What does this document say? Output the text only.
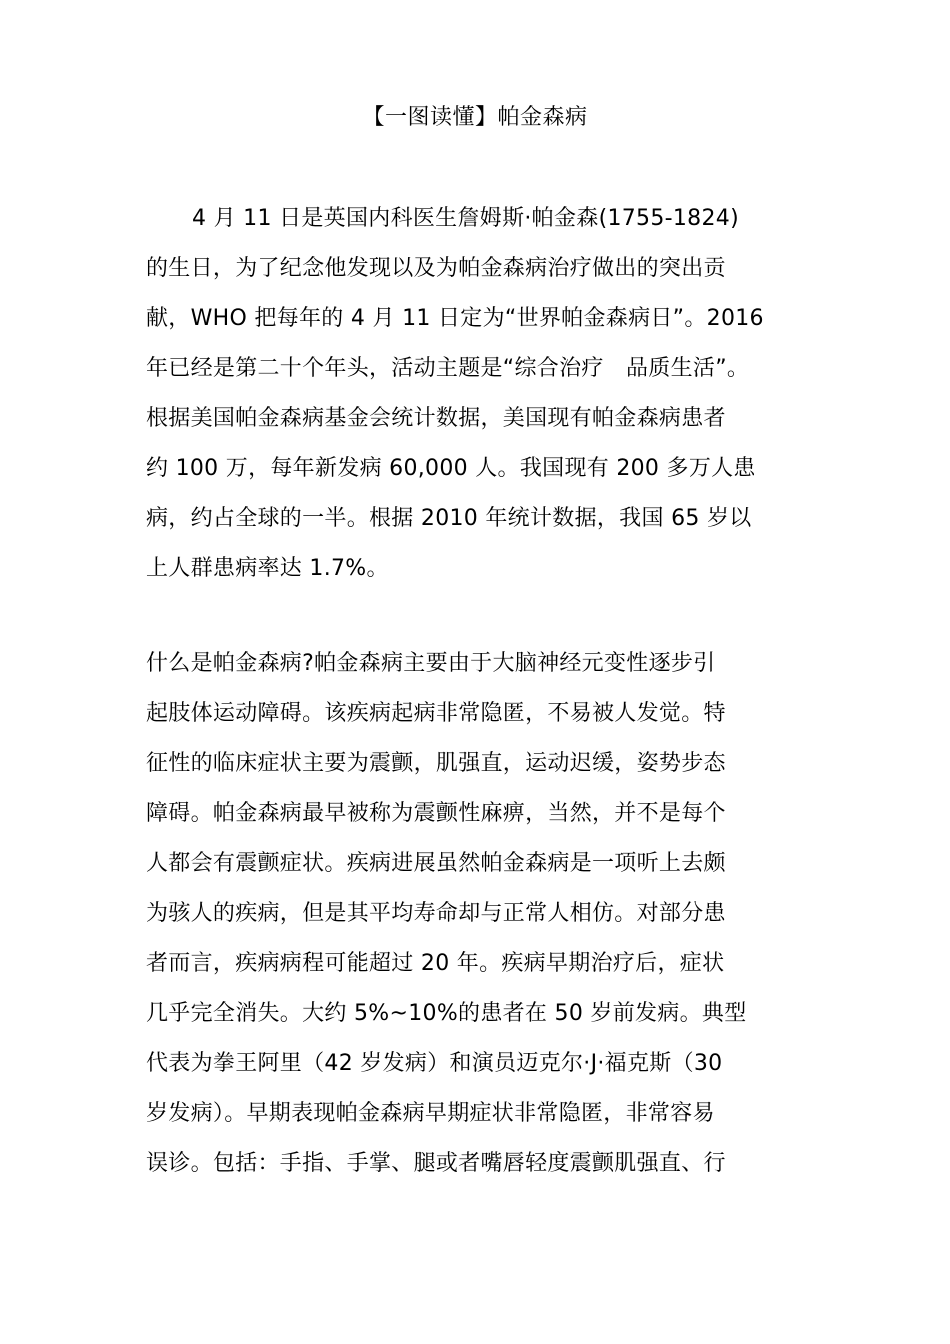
【一图读懂】帕金森病
4 月 11 日是英国内科医生詹姆斯·帕金森(1755-1824)
的生日，为了纪念他发现以及为帕金森病治疗做出的突出贡
献，WHO 把每年的 4 月 11 日定为“世界帕金森病日”。2016
年已经是第二十个年头，活动主题是“综合治疗　品质生活”。
根据美国帕金森病基金会统计数据，美国现有帕金森病患者
约 100 万，每年新发病 60,000 人。我国现有 200 多万人患
病，约占全球的一半。根据 2010 年统计数据，我国 65 岁以
上人群患病率达 1.7%。
什么是帕金森病?帕金森病主要由于大脑神经元变性逐步引
起肢体运动障碍。该疾病起病非常隐匿，不易被人发觉。特
征性的临床症状主要为震颤，肌强直，运动迟缓，姿势步态
障碍。帕金森病最早被称为震颤性麻痹，当然，并不是每个
人都会有震颤症状。疾病进展虽然帕金森病是一项听上去颇
为骇人的疾病，但是其平均寿命却与正常人相仿。对部分患
者而言，疾病病程可能超过 20 年。疾病早期治疗后，症状
几乎完全消失。大约 5%~10%的患者在 50 岁前发病。典型
代表为拳王阿里（42 岁发病）和演员迈克尔·J·福克斯（30
岁发病）。早期表现帕金森病早期症状非常隐匿，非常容易
误诊。包括：手指、手掌、腿或者嘴唇轻度震颤肌强直、行
